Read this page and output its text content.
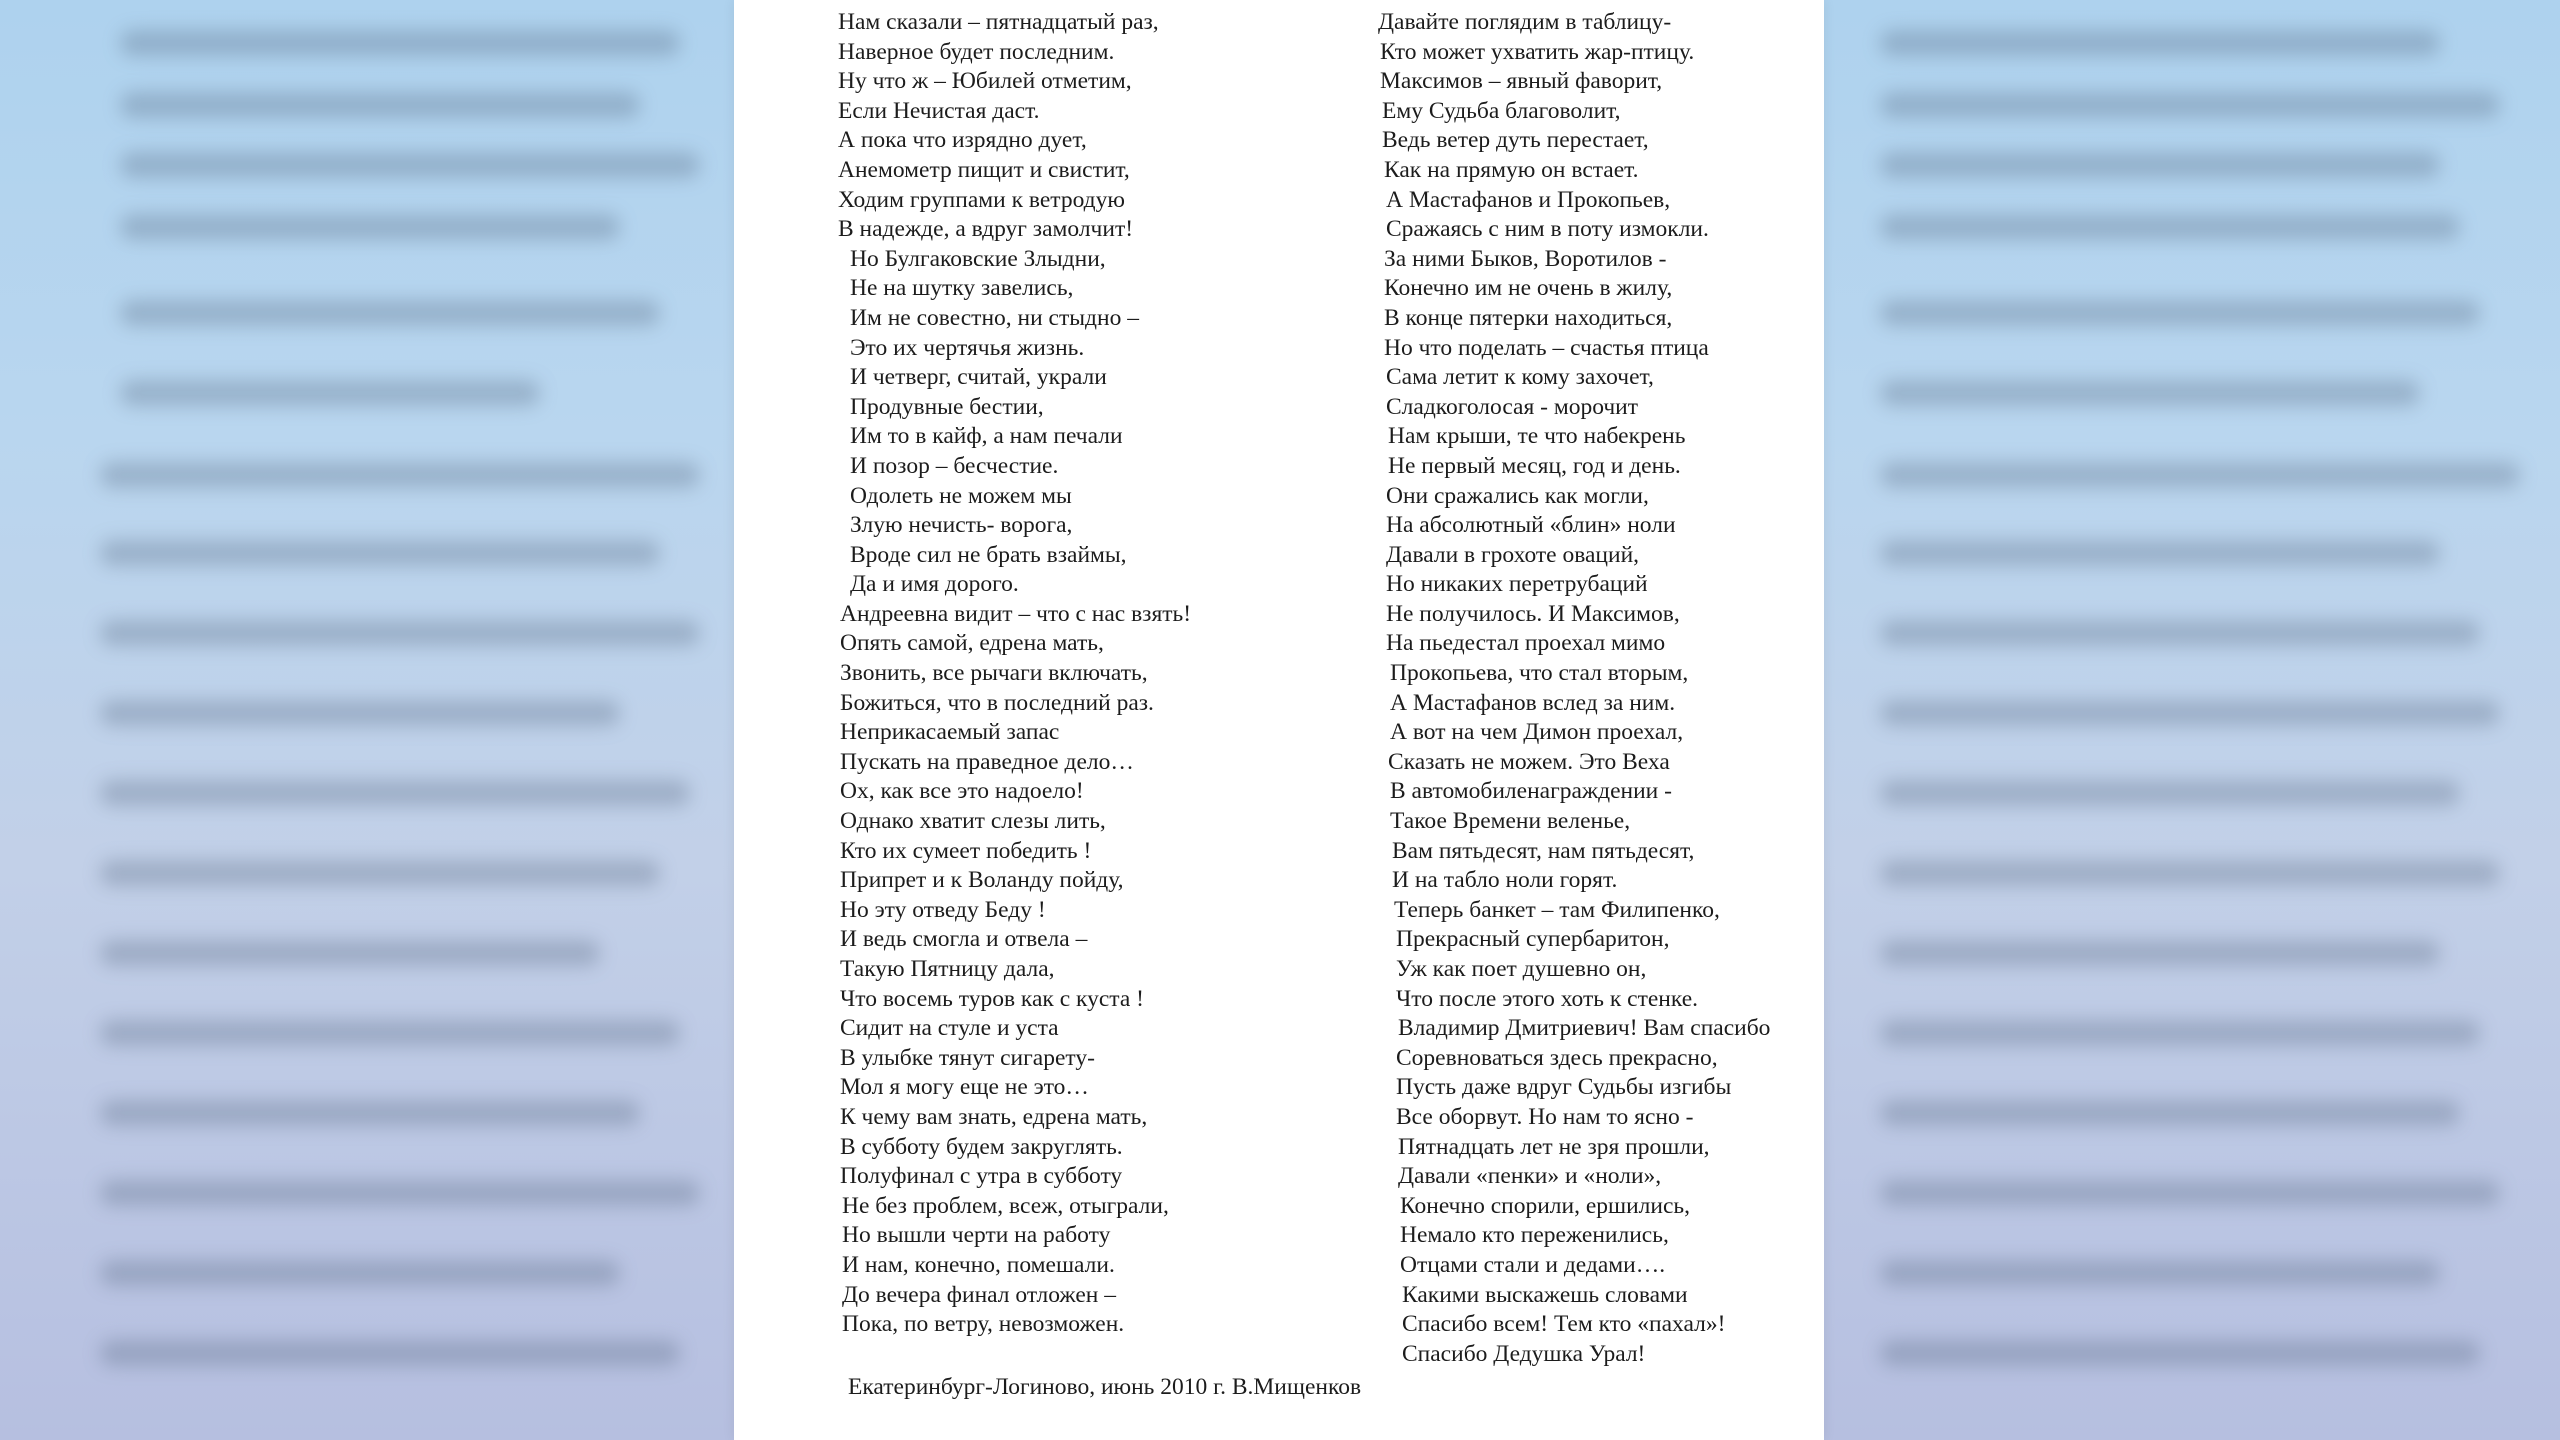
Нам сказали – пятнадцатый раз,
Наверное будет последним.
Ну что ж – Юбилей отметим,
Если Нечистая даст.
А пока что изрядно дует,
Анемометр пищит и свистит,
Ходим группами к ветродую
В надежде, а вдруг замолчит!
Но Булгаковские Злыдни,
Не на шутку завелись,
Им не совестно, ни стыдно –
Это их чертячья жизнь.
И четверг, считай, украли
Продувные бестии,
Им то в кайф, а нам печали
И позор – бесчестие.
Одолеть не можем мы
Злую нечисть- ворога,
Вроде сил не брать взаймы,
Да и имя дорого.
Андреевна видит – что с нас взять!
Опять самой, едрена мать,
Звонить, все рычаги включать,
Божиться, что в последний раз.
Неприкасаемый запас
Пускать на праведное дело…
Ох, как все это надоело!
Однако хватит слезы лить,
Кто их сумеет победить !
Припрет и к Воланду пойду,
Но эту отведу Беду !
И ведь смогла и отвела –
Такую Пятницу дала,
Что восемь туров как с куста !
Сидит на стуле и уста
В улыбке тянут сигарету-
Мол я могу еще не это…
К чему вам знать, едрена мать,
В субботу будем закруглять.
Полуфинал с утра в субботу
Не без проблем, всеж, отыграли,
Но вышли черти на работу
И нам, конечно, помешали.
До вечера финал отложен –
Пока, по ветру, невозможен.
Давайте поглядим в таблицу-
Кто может ухватить жар-птицу.
Максимов – явный фаворит,
Ему Судьба благоволит,
Ведь ветер дуть перестает,
Как на прямую он встает.
А Мастафанов и Прокопьев,
Сражаясь с ним в поту измокли.
За ними Быков, Воротилов -
Конечно им не очень в жилу,
В конце пятерки находиться,
Но что поделать – счастья птица
Сама летит к кому захочет,
Сладкоголосая - морочит
Нам крыши, те что набекрень
Не первый месяц, год и день.
Они сражались как могли,
На абсолютный «блин» ноли
Давали в грохоте оваций,
Но никаких перетрубаций
Не получилось. И Максимов,
На пьедестал проехал мимо
Прокопьева, что стал вторым,
А Мастафанов вслед за ним.
А вот на чем Димон проехал,
Сказать не можем. Это Веха
В автомобиленаграждении -
Такое Времени веленье,
Вам пятьдесят, нам пятьдесят,
И на табло ноли горят.
Теперь банкет – там Филипенко,
Прекрасный супербаритон,
Уж как поет душевно он,
Что после этого хоть к стенке.
Владимир Дмитриевич! Вам спасибо
Соревноваться здесь прекрасно,
Пусть даже вдруг Судьбы изгибы
Все оборвут. Но нам то ясно -
Пятнадцать лет не зря прошли,
Давали «пенки» и «ноли»,
Конечно спорили, ершились,
Немало кто переженились,
Отцами стали и дедами….
Какими выскажешь словами
Спасибо всем! Тем кто «пахал»!
Спасибо Дедушка Урал!
Екатеринбург-Логиново, июнь 2010 г. В.Мищенков
